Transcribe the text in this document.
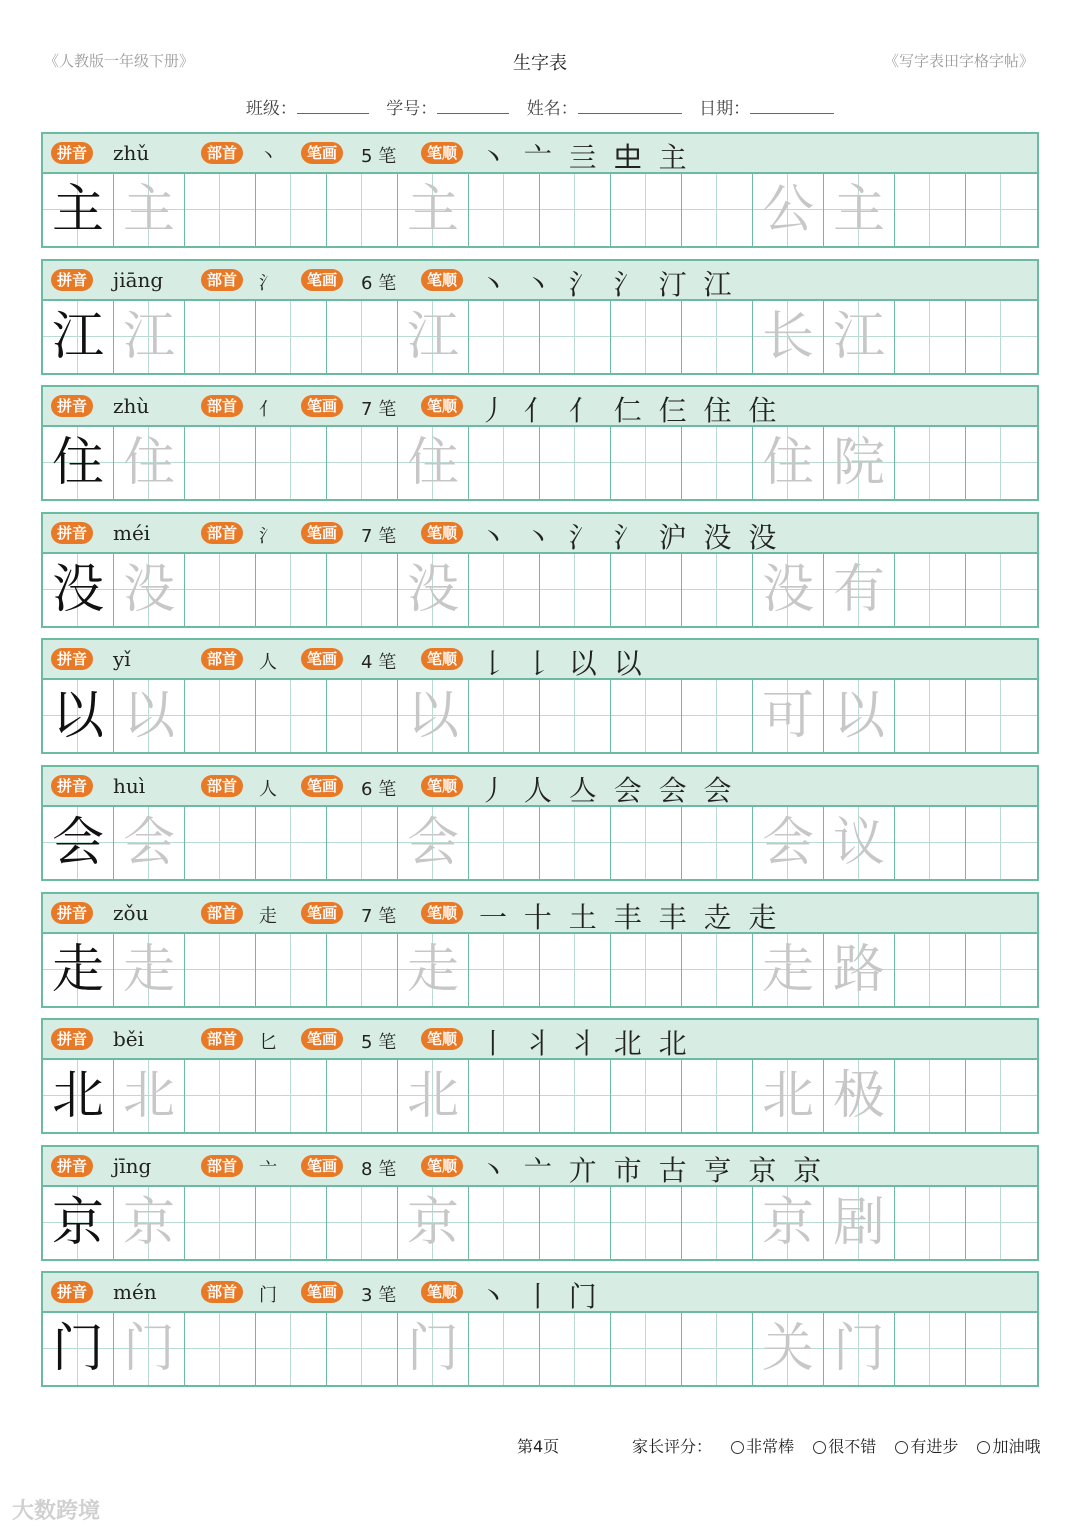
《人教版一年级下册》	生字表	《写字表田字格字帖》
班级：	学号：	姓名：	日期：
拼音	zhǔ	部首	丶	笔画	5 笔	笔顺 丶 亠 亖 𠀐 主
主 主	主	公 主
拼音	jiāng	部首	氵	笔画	6 笔	笔顺 丶 丶 氵 氵 汀 江
江 江	江	长 江
拼音	zhù	部首	亻	笔画	7 笔	笔顺 丿 亻 亻 仁 仨 住 住
住 住	住	住 院
拼音	méi	部首	氵	笔画	7 笔	笔顺 丶 丶 氵 氵 沪 没 没
没 没	没	没 有
拼音	yǐ	部首	人	笔画	4 笔	笔顺 𠄌 𠄌 以 以
以 以	以	可 以
拼音	huì	部首	人	笔画	6 笔	笔顺 丿 人 亼 会 会 会
会 会	会	会 议
拼音	zǒu	部首	走	笔画	7 笔	笔顺 一 十 土 丰 丰 赱 走
走 走	走	走 路
拼音	běi	部首	匕	笔画	5 笔	笔顺 丨 丬 丬 北 北
北 北	北	北 极
拼音	jīng	部首	亠	笔画	8 笔	笔顺 丶 亠 亣 市 古 亨 京 京
京 京	京	京 剧
拼音	mén	部首	门	笔画	3 笔	笔顺 丶 丨 门
门 门	门	关 门
第4页	家长评分： 非常棒 很不错 有进步 加油哦
大数跨境
